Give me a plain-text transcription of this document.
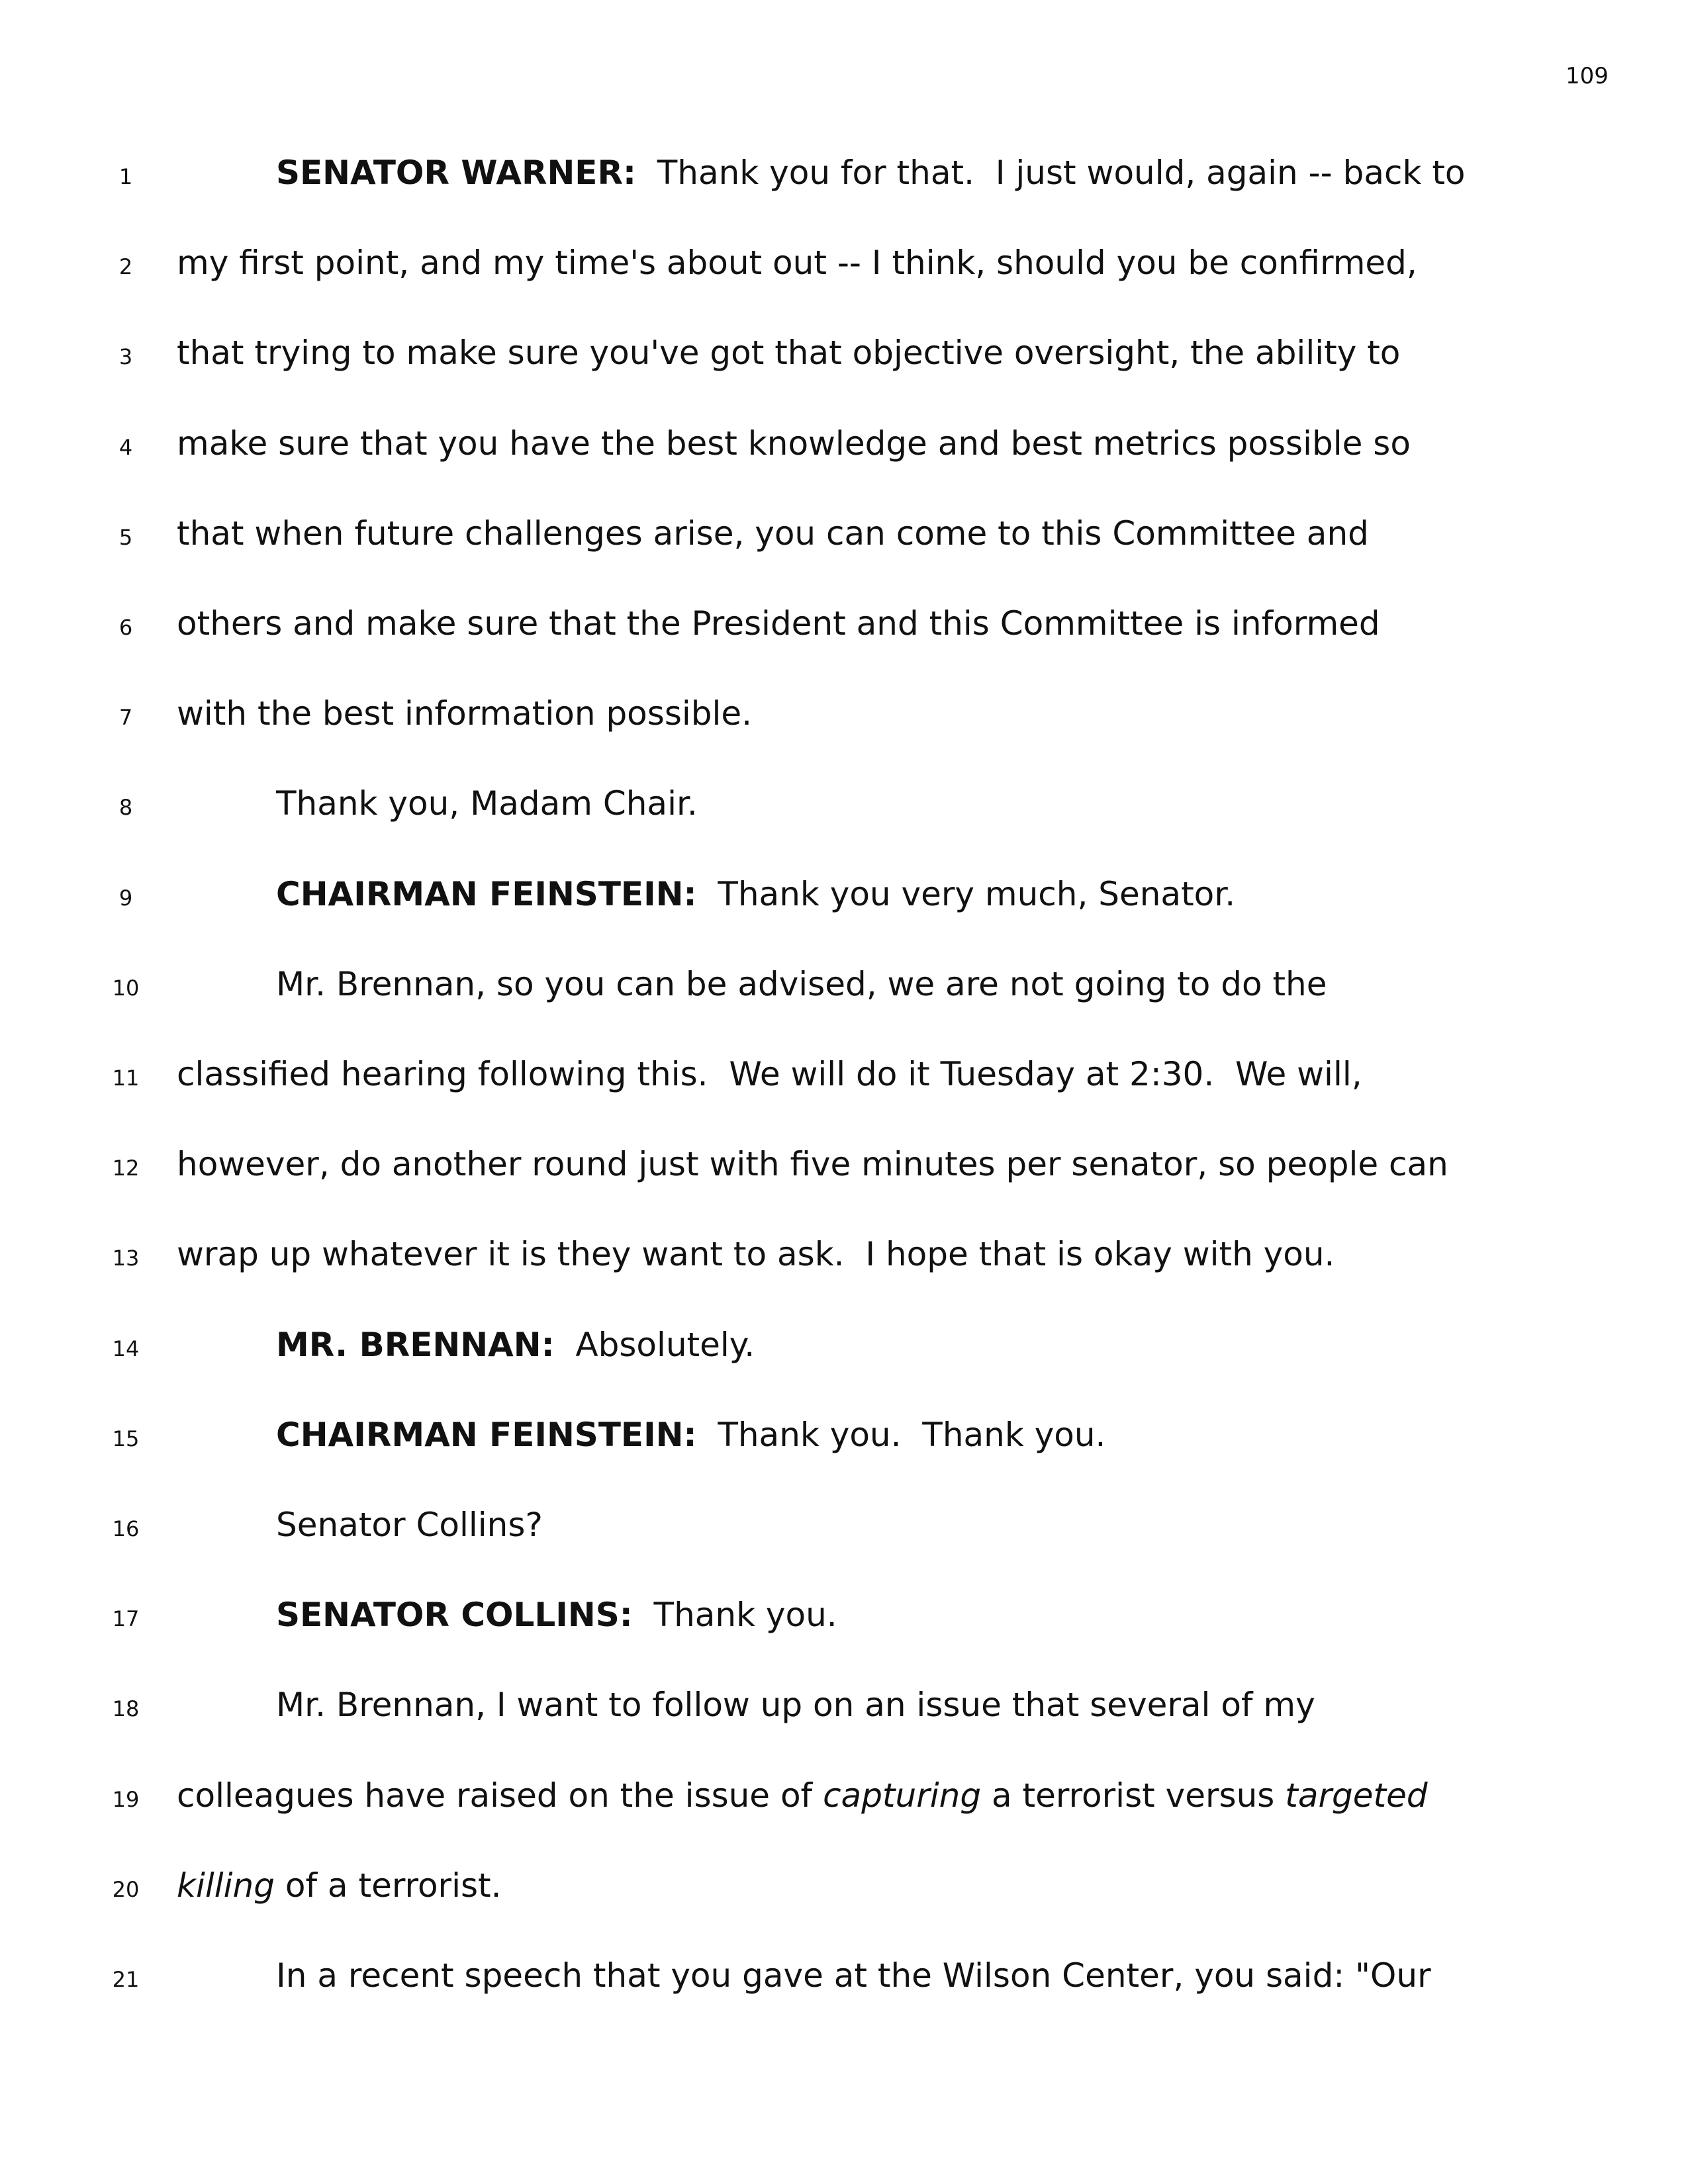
109
1	SENATOR WARNER:  Thank you for that.  I just would, again -- back to
2	my first point, and my time's about out -- I think, should you be confirmed,
3	that trying to make sure you've got that objective oversight, the ability to
4	make sure that you have the best knowledge and best metrics possible so
5	that when future challenges arise, you can come to this Committee and
6	others and make sure that the President and this Committee is informed
7	with the best information possible.
8	Thank you, Madam Chair.
9	CHAIRMAN FEINSTEIN:  Thank you very much, Senator.
10	Mr. Brennan, so you can be advised, we are not going to do the
11	classified hearing following this.  We will do it Tuesday at 2:30.  We will,
12	however, do another round just with five minutes per senator, so people can
13	wrap up whatever it is they want to ask.  I hope that is okay with you.
14	MR. BRENNAN:  Absolutely.
15	CHAIRMAN FEINSTEIN:  Thank you.  Thank you.
16	Senator Collins?
17	SENATOR COLLINS:  Thank you.
18	Mr. Brennan, I want to follow up on an issue that several of my
19	colleagues have raised on the issue of capturing a terrorist versus targeted
20	killing of a terrorist.
21	In a recent speech that you gave at the Wilson Center, you said: "Our
